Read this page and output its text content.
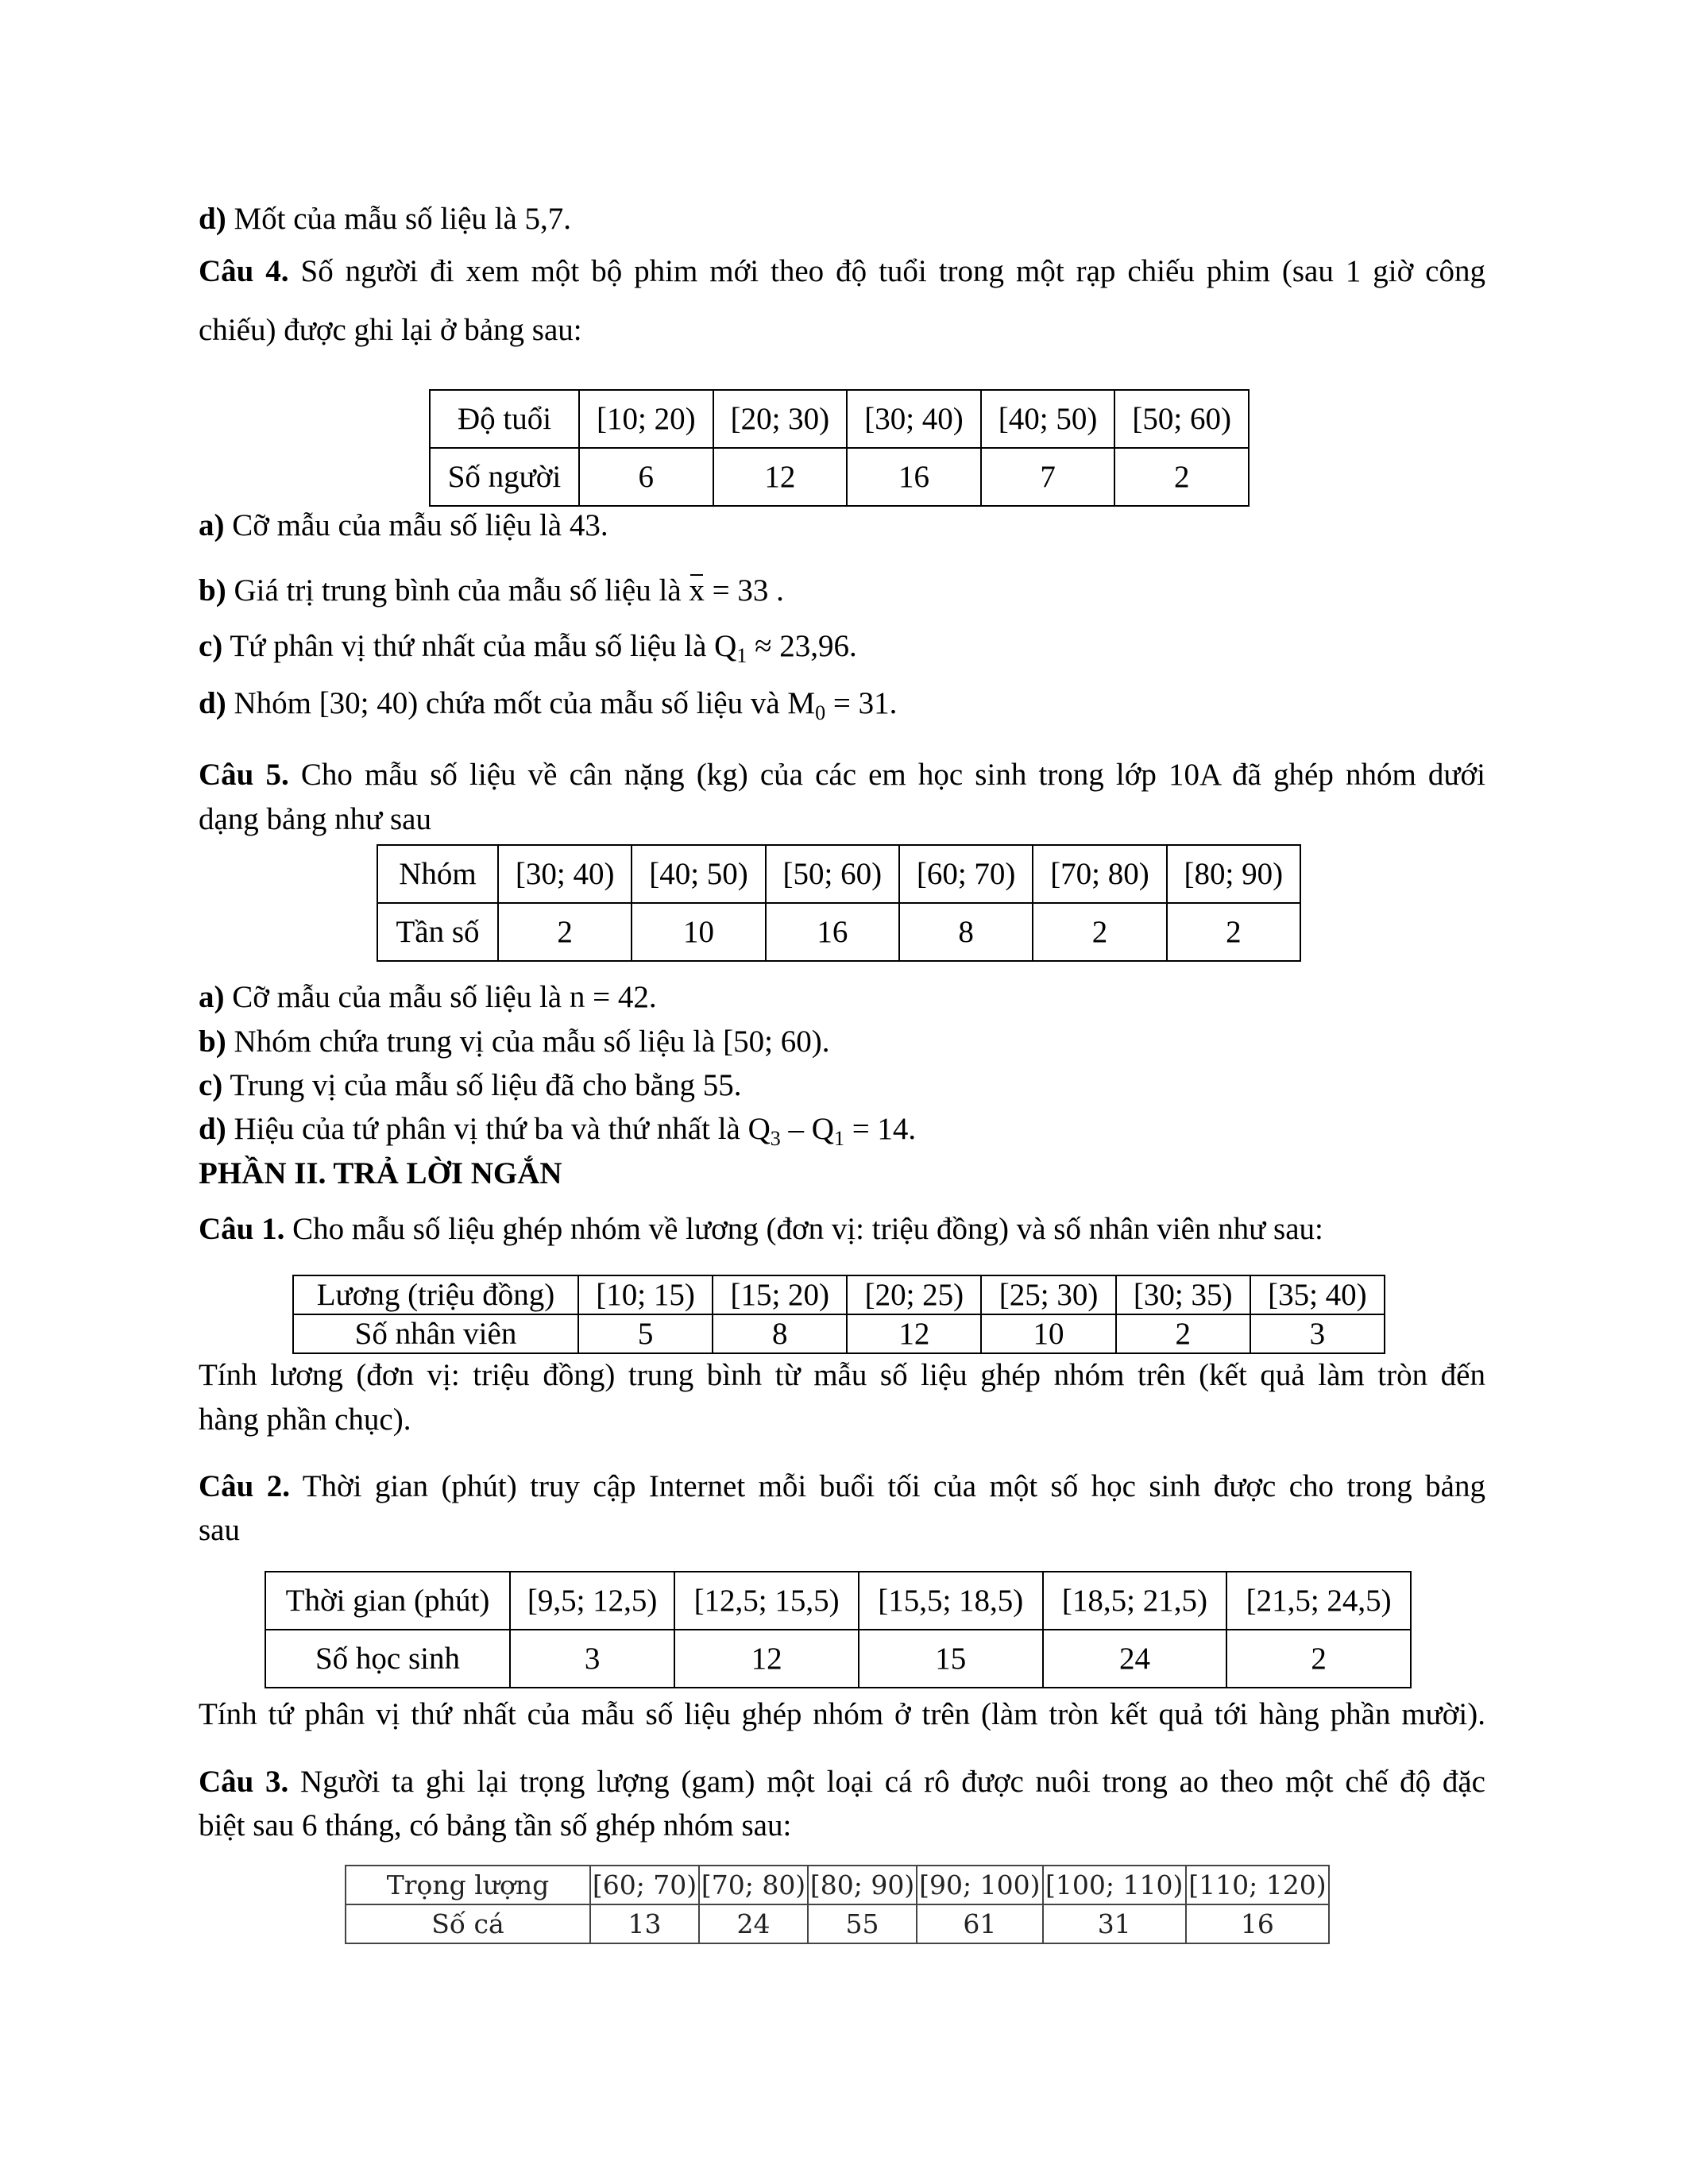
d) Mốt của mẫu số liệu là 5,7.
Câu 4. Số người đi xem một bộ phim mới theo độ tuổi trong một rạp chiếu phim (sau 1 giờ công
chiếu) được ghi lại ở bảng sau:
Độ tuổi	[10; 20)	[20; 30)	[30; 40)	[40; 50)	[50; 60)
Số người	6	12	16	7	2
a) Cỡ mẫu của mẫu số liệu là 43.
b) Giá trị trung bình của mẫu số liệu là x = 33 .
c) Tứ phân vị thứ nhất của mẫu số liệu là $Q_1 \approx 23,96$.
d) Nhóm [30; 40) chứa mốt của mẫu số liệu và $M_0 = 31$.
Câu 5. Cho mẫu số liệu về cân nặng (kg) của các em học sinh trong lớp 10A đã ghép nhóm dưới
dạng bảng như sau
Nhóm	[30; 40)	[40; 50)	[50; 60)	[60; 70)	[70; 80)	[80; 90)
Tần số	2	10	16	8	2	2
a) Cỡ mẫu của mẫu số liệu là n = 42.
b) Nhóm chứa trung vị của mẫu số liệu là [50; 60).
c) Trung vị của mẫu số liệu đã cho bằng 55.
d) Hiệu của tứ phân vị thứ ba và thứ nhất là $Q_3 - Q_1 = 14$.
PHẦN II. TRẢ LỜI NGẮN
Câu 1. Cho mẫu số liệu ghép nhóm về lương (đơn vị: triệu đồng) và số nhân viên như sau:
Lương (triệu đồng)	[10; 15)	[15; 20)	[20; 25)	[25; 30)	[30; 35)	[35; 40)
Số nhân viên	5	8	12	10	2	3
Tính lương (đơn vị: triệu đồng) trung bình từ mẫu số liệu ghép nhóm trên (kết quả làm tròn đến
hàng phần chục).
Câu 2. Thời gian (phút) truy cập Internet mỗi buổi tối của một số học sinh được cho trong bảng
sau
Thời gian (phút)	[9,5; 12,5)	[12,5; 15,5)	[15,5; 18,5)	[18,5; 21,5)	[21,5; 24,5)
Số học sinh	3	12	15	24	2
Tính tứ phân vị thứ nhất của mẫu số liệu ghép nhóm ở trên (làm tròn kết quả tới hàng phần mười).
Câu 3. Người ta ghi lại trọng lượng (gam) một loại cá rô được nuôi trong ao theo một chế độ đặc
biệt sau 6 tháng, có bảng tần số ghép nhóm sau:
Trọng lượng	[60; 70)	[70; 80)	[80; 90)	[90; 100)	[100; 110)	[110; 120)
Số cá	13	24	55	61	31	16
